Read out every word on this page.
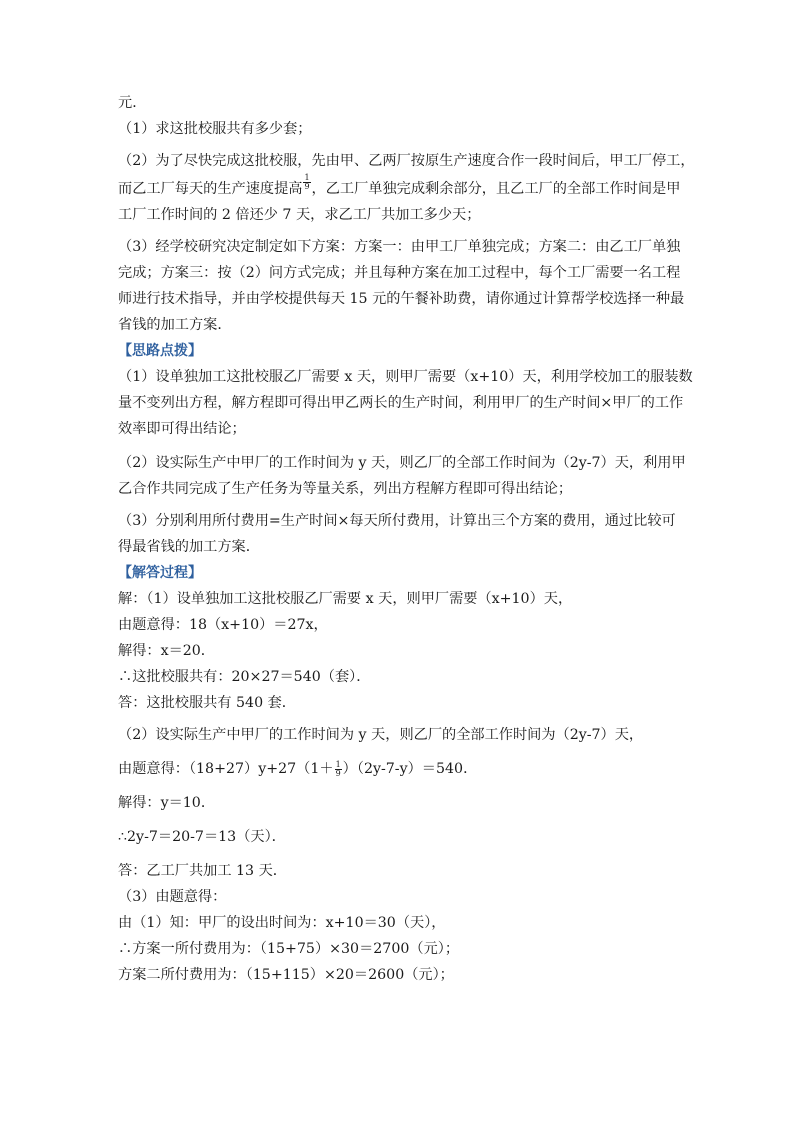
元．

（1）求这批校服共有多少套；

（2）为了尽快完成这批校服，先由甲、乙两厂按原生产速度合作一段时间后，甲工厂停工，

而乙工厂每天的生产速度提高 $\frac{1}{9}$ ，乙工厂单独完成剩余部分，且乙工厂的全部工作时间是甲

工厂工作时间的 2 倍还少 7 天，求乙工厂共加工多少天；

（3）经学校研究决定制定如下方案：方案一：由甲工厂单独完成；方案二：由乙工厂单独

完成；方案三：按（2）问方式完成；并且每种方案在加工过程中，每个工厂需要一名工程

师进行技术指导，并由学校提供每天 15 元的午餐补助费，请你通过计算帮学校选择一种最

省钱的加工方案．

【思路点拨】

（1）设单独加工这批校服乙厂需要 x 天，则甲厂需要（x+10）天，利用学校加工的服装数

量不变列出方程，解方程即可得出甲乙两长的生产时间，利用甲厂的生产时间×甲厂的工作

效率即可得出结论；

（2）设实际生产中甲厂的工作时间为 y 天，则乙厂的全部工作时间为（2y-7）天，利用甲

乙合作共同完成了生产任务为等量关系，列出方程解方程即可得出结论；

（3）分别利用所付费用=生产时间×每天所付费用，计算出三个方案的费用，通过比较可

得最省钱的加工方案．

【解答过程】

解：（1）设单独加工这批校服乙厂需要 x 天，则甲厂需要（x+10）天，

由题意得：18（x+10）＝27x，

解得：x＝20．

∴这批校服共有：20×27＝540（套）．

答：这批校服共有 540 套．

（2）设实际生产中甲厂的工作时间为 y 天，则乙厂的全部工作时间为（2y-7）天，

由题意得：$(18+27)y+27(1+ \frac{1}{9} )(2y-7-y)=540$．

解得：y＝10．

∴2y-7＝20-7＝13（天）．

答：乙工厂共加工 13 天．

（3）由题意得：

由（1）知：甲厂的设出时间为：x+10＝30（天），

∴方案一所付费用为：（15+75）×30＝2700（元）；

方案二所付费用为：（15+115）×20＝2600（元）；
